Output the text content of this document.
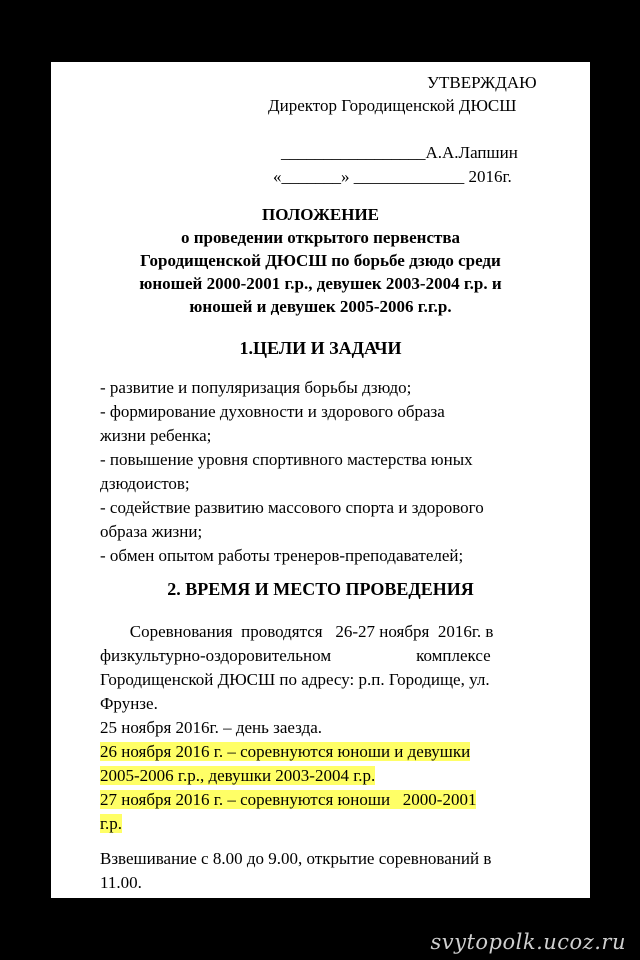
УТВЕРЖДАЮ
Директор Городищенской ДЮСШ
_________________А.А.Лапшин
«_______» _____________ 2016г.
ПОЛОЖЕНИЕ
о проведении открытого первенства
Городищенской ДЮСШ по борьбе дзюдо среди
юношей 2000-2001 г.р., девушек 2003-2004 г.р. и
юношей и девушек 2005-2006 г.г.р.
1.ЦЕЛИ И ЗАДАЧИ
- развитие и популяризация борьбы дзюдо;
- формирование духовности и здорового образа
жизни ребенка;
- повышение уровня спортивного мастерства юных
дзюдоистов;
- содействие развитию массового спорта и здорового
образа жизни;
- обмен опытом работы тренеров-преподавателей;
2. ВРЕМЯ И МЕСТО ПРОВЕДЕНИЯ
Соревнования  проводятся   26-27 ноября  2016г. в
физкультурно-оздоровительном                    комплексе
Городищенской ДЮСШ по адресу: р.п. Городище, ул.
Фрунзе.
25 ноября 2016г. – день заезда.
26 ноября 2016 г. – соревнуются юноши и девушки
2005-2006 г.р., девушки 2003-2004 г.р.
27 ноября 2016 г. – соревнуются юноши   2000-2001
г.р.
Взвешивание с 8.00 до 9.00, открытие соревнований в
11.00.
svytopolk.ucoz.ru
